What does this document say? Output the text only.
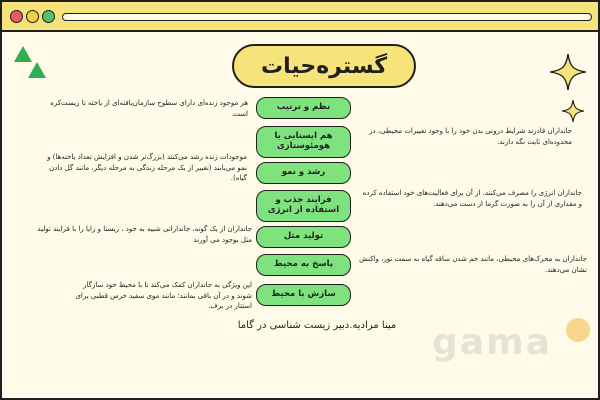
گستره‌حیات
نظم و ترتیب
هم ایستایی یا هومئوستازی
رشد و نمو
فرایند جذب و استفاده از انرژی
تولید مثل
پاسخ به محیط
سازش با محیط
هر موجود زنده‌ای دارای سطوح سازمان‌یافته‌ای از یاخته تا زیست‌کره است.
جانداران قادرند شرایط درونی بدن خود را با وجود تغییرات محیطی، در محدوده‌ای ثابت نگه دارند.
موجودات زنده رشد می‌کنند (بزرگ‌تر شدن و افزایش تعداد یاخته‌ها) و نمو می‌یابند (تغییر از یک مرحله زندگی به مرحله دیگر، مانند گل دادن گیاه).
جانداران انرژی را مصرف می‌کنند، از آن برای فعالیت‌های خود استفاده کرده و مقداری از آن را به صورت گرما از دست می‌دهند.
جانداران از یک گونه، جاندارانی شبیه به خود ، زیستا و زایا را با فرایند تولید مثل بوجود می آورند
جانداران به محرک‌های محیطی، مانند خم شدن ساقه گیاه به سمت نور، واکنش نشان می‌دهند.
این ویژگی به جانداران کمک می‌کند تا با محیط خود سازگار شوند و در آن باقی بمانند؛ مانند موی سفید خرس قطبی برای استتار در برف.
مینا مرادیه.دبیر زیست شناسی در گاما gama
